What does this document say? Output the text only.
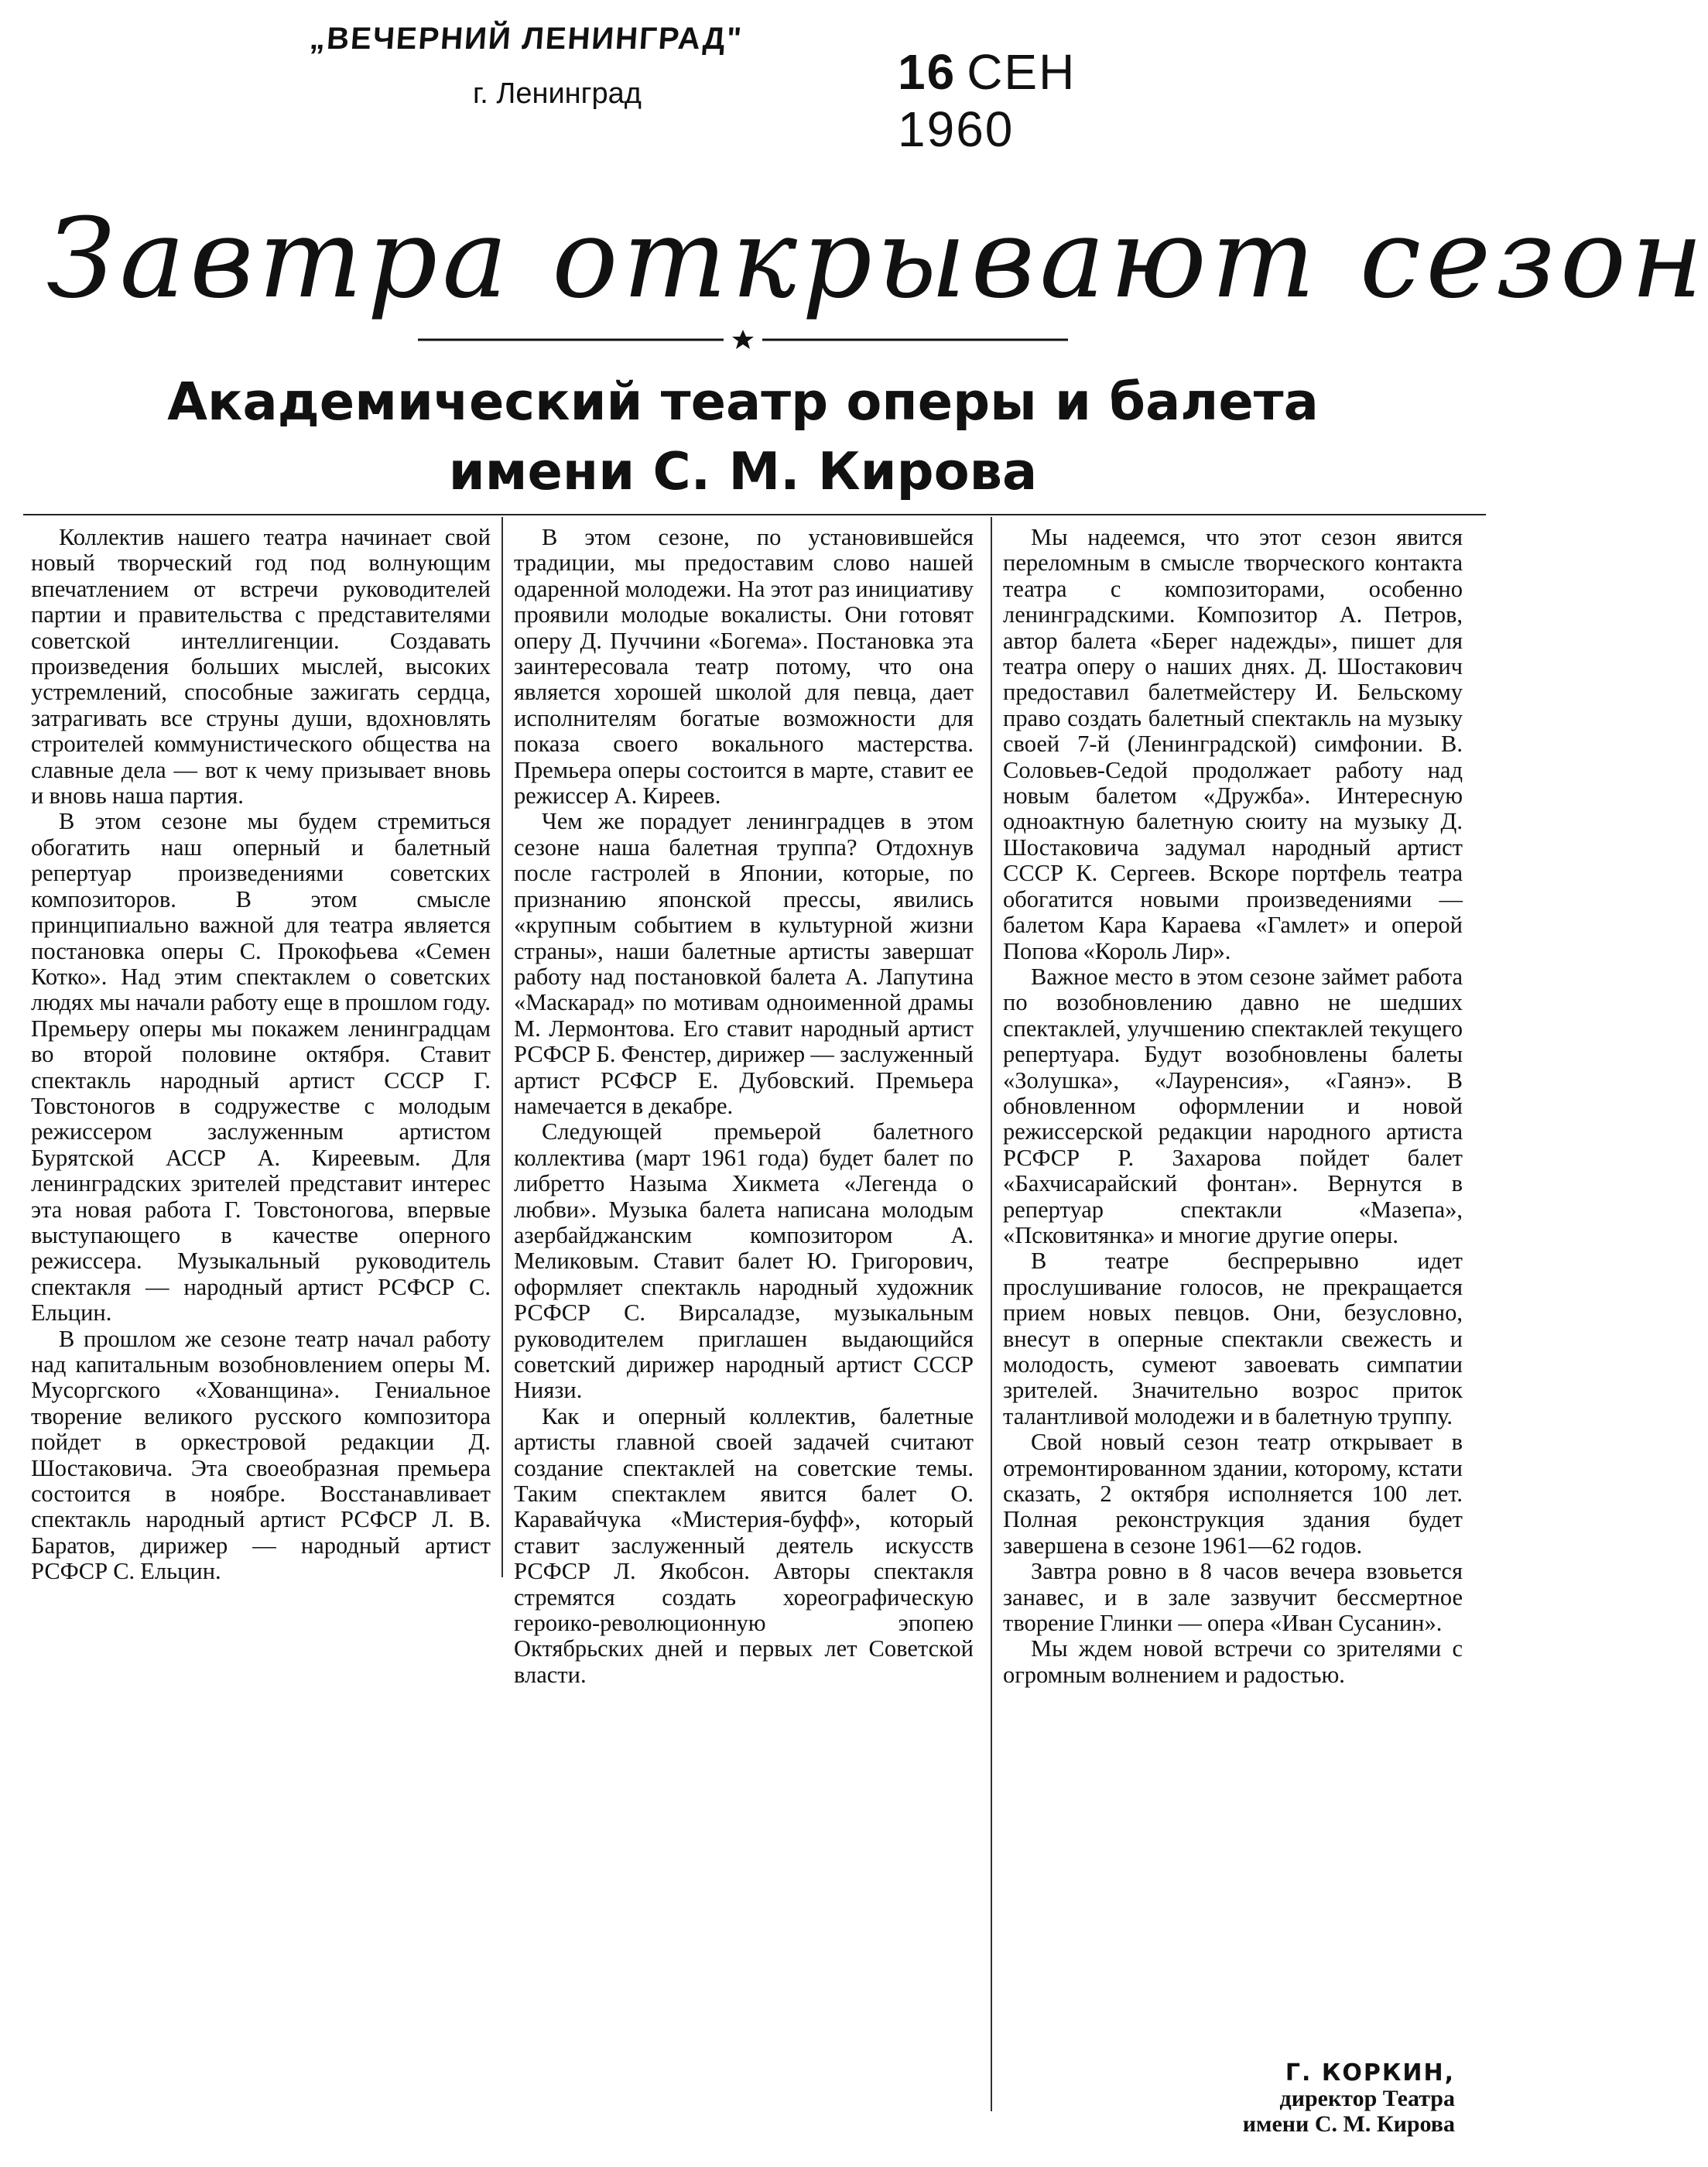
„ВЕЧЕРНИЙ ЛЕНИНГРАД"
г. Ленинград	16 СЕН 1960
Завтра открывают сезон
Академический театр оперы и балета
имени С. М. Кирова

Коллектив нашего театра начинает свой новый творческий год под волнующим впечатлением от встречи руководителей партии и правительства с представителями советской интеллигенции. Создавать произведения больших мыслей, высоких устремлений, способные зажигать сердца, затрагивать все струны души, вдохновлять строителей коммунистического общества на славные дела — вот к чему призывает вновь и вновь наша партия.

В этом сезоне мы будем стремиться обогатить наш оперный и балетный репертуар произведениями советских композиторов. В этом смысле принципиально важной для театра является постановка оперы С. Прокофьева «Семен Котко». Над этим спектаклем о советских людях мы начали работу еще в прошлом году. Премьеру оперы мы покажем ленинградцам во второй половине октября. Ставит спектакль народный артист СССР Г. Товстоногов в содружестве с молодым режиссером заслуженным артистом Бурятской АССР А. Киреевым. Для ленинградских зрителей представит интерес эта новая работа Г. Товстоногова, впервые выступающего в качестве оперного режиссера. Музыкальный руководитель спектакля — народный артист РСФСР С. Ельцин.

В прошлом же сезоне театр начал работу над капитальным возобновлением оперы М. Мусоргского «Хованщина». Гениальное творение великого русского композитора пойдет в оркестровой редакции Д. Шостаковича. Эта своеобразная премьера состоится в ноябре. Восстанавливает спектакль народный артист РСФСР Л. В. Баратов, дирижер — народный артист РСФСР С. Ельцин.

В этом сезоне, по установившейся традиции, мы предоставим слово нашей одаренной молодежи. На этот раз инициативу проявили молодые вокалисты. Они готовят оперу Д. Пуччини «Богема». Постановка эта заинтересовала театр потому, что она является хорошей школой для певца, дает исполнителям богатые возможности для показа своего вокального мастерства. Премьера оперы состоится в марте, ставит ее режиссер А. Киреев.

Чем же порадует ленинградцев в этом сезоне наша балетная труппа? Отдохнув после гастролей в Японии, которые, по признанию японской прессы, явились «крупным событием в культурной жизни страны», наши балетные артисты завершат работу над постановкой балета А. Лапутина «Маскарад» по мотивам одноименной драмы М. Лермонтова. Его ставит народный артист РСФСР Б. Фенстер, дирижер — заслуженный артист РСФСР Е. Дубовский. Премьера намечается в декабре.

Следующей премьерой балетного коллектива (март 1961 года) будет балет по либретто Назыма Хикмета «Легенда о любви». Музыка балета написана молодым азербайджанским композитором А. Меликовым. Ставит балет Ю. Григорович, оформляет спектакль народный художник РСФСР С. Вирсаладзе, музыкальным руководителем приглашен выдающийся советский дирижер народный артист СССР Ниязи.

Как и оперный коллектив, балетные артисты главной своей задачей считают создание спектаклей на советские темы. Таким спектаклем явится балет О. Каравайчука «Мистерия-буфф», который ставит заслуженный деятель искусств РСФСР Л. Якобсон. Авторы спектакля стремятся создать хореографическую героико-революционную эпопею Октябрьских дней и первых лет Советской власти.

Мы надеемся, что этот сезон явится переломным в смысле творческого контакта театра с композиторами, особенно ленинградскими. Композитор А. Петров, автор балета «Берег надежды», пишет для театра оперу о наших днях. Д. Шостакович предоставил балетмейстеру И. Бельскому право создать балетный спектакль на музыку своей 7-й (Ленинградской) симфонии. В. Соловьев-Седой продолжает работу над новым балетом «Дружба». Интересную одноактную балетную сюиту на музыку Д. Шостаковича задумал народный артист СССР К. Сергеев. Вскоре портфель театра обогатится новыми произведениями — балетом Кара Караева «Гамлет» и оперой Попова «Король Лир».

Важное место в этом сезоне займет работа по возобновлению давно не шедших спектаклей, улучшению спектаклей текущего репертуара. Будут возобновлены балеты «Золушка», «Лауренсия», «Гаянэ». В обновленном оформлении и новой режиссерской редакции народного артиста РСФСР Р. Захарова пойдет балет «Бахчисарайский фонтан». Вернутся в репертуар спектакли «Мазепа», «Псковитянка» и многие другие оперы.

В театре беспрерывно идет прослушивание голосов, не прекращается прием новых певцов. Они, безусловно, внесут в оперные спектакли свежесть и молодость, сумеют завоевать симпатии зрителей. Значительно возрос приток талантливой молодежи и в балетную труппу.

Свой новый сезон театр открывает в отремонтированном здании, которому, кстати сказать, 2 октября исполняется 100 лет. Полная реконструкция здания будет завершена в сезоне 1961—62 годов.

Завтра ровно в 8 часов вечера взовьется занавес, и в зале зазвучит бессмертное творение Глинки — опера «Иван Сусанин».

Мы ждем новой встречи со зрителями с огромным волнением и радостью.

Г. КОРКИН,
директор Театра
имени С. М. Кирова
